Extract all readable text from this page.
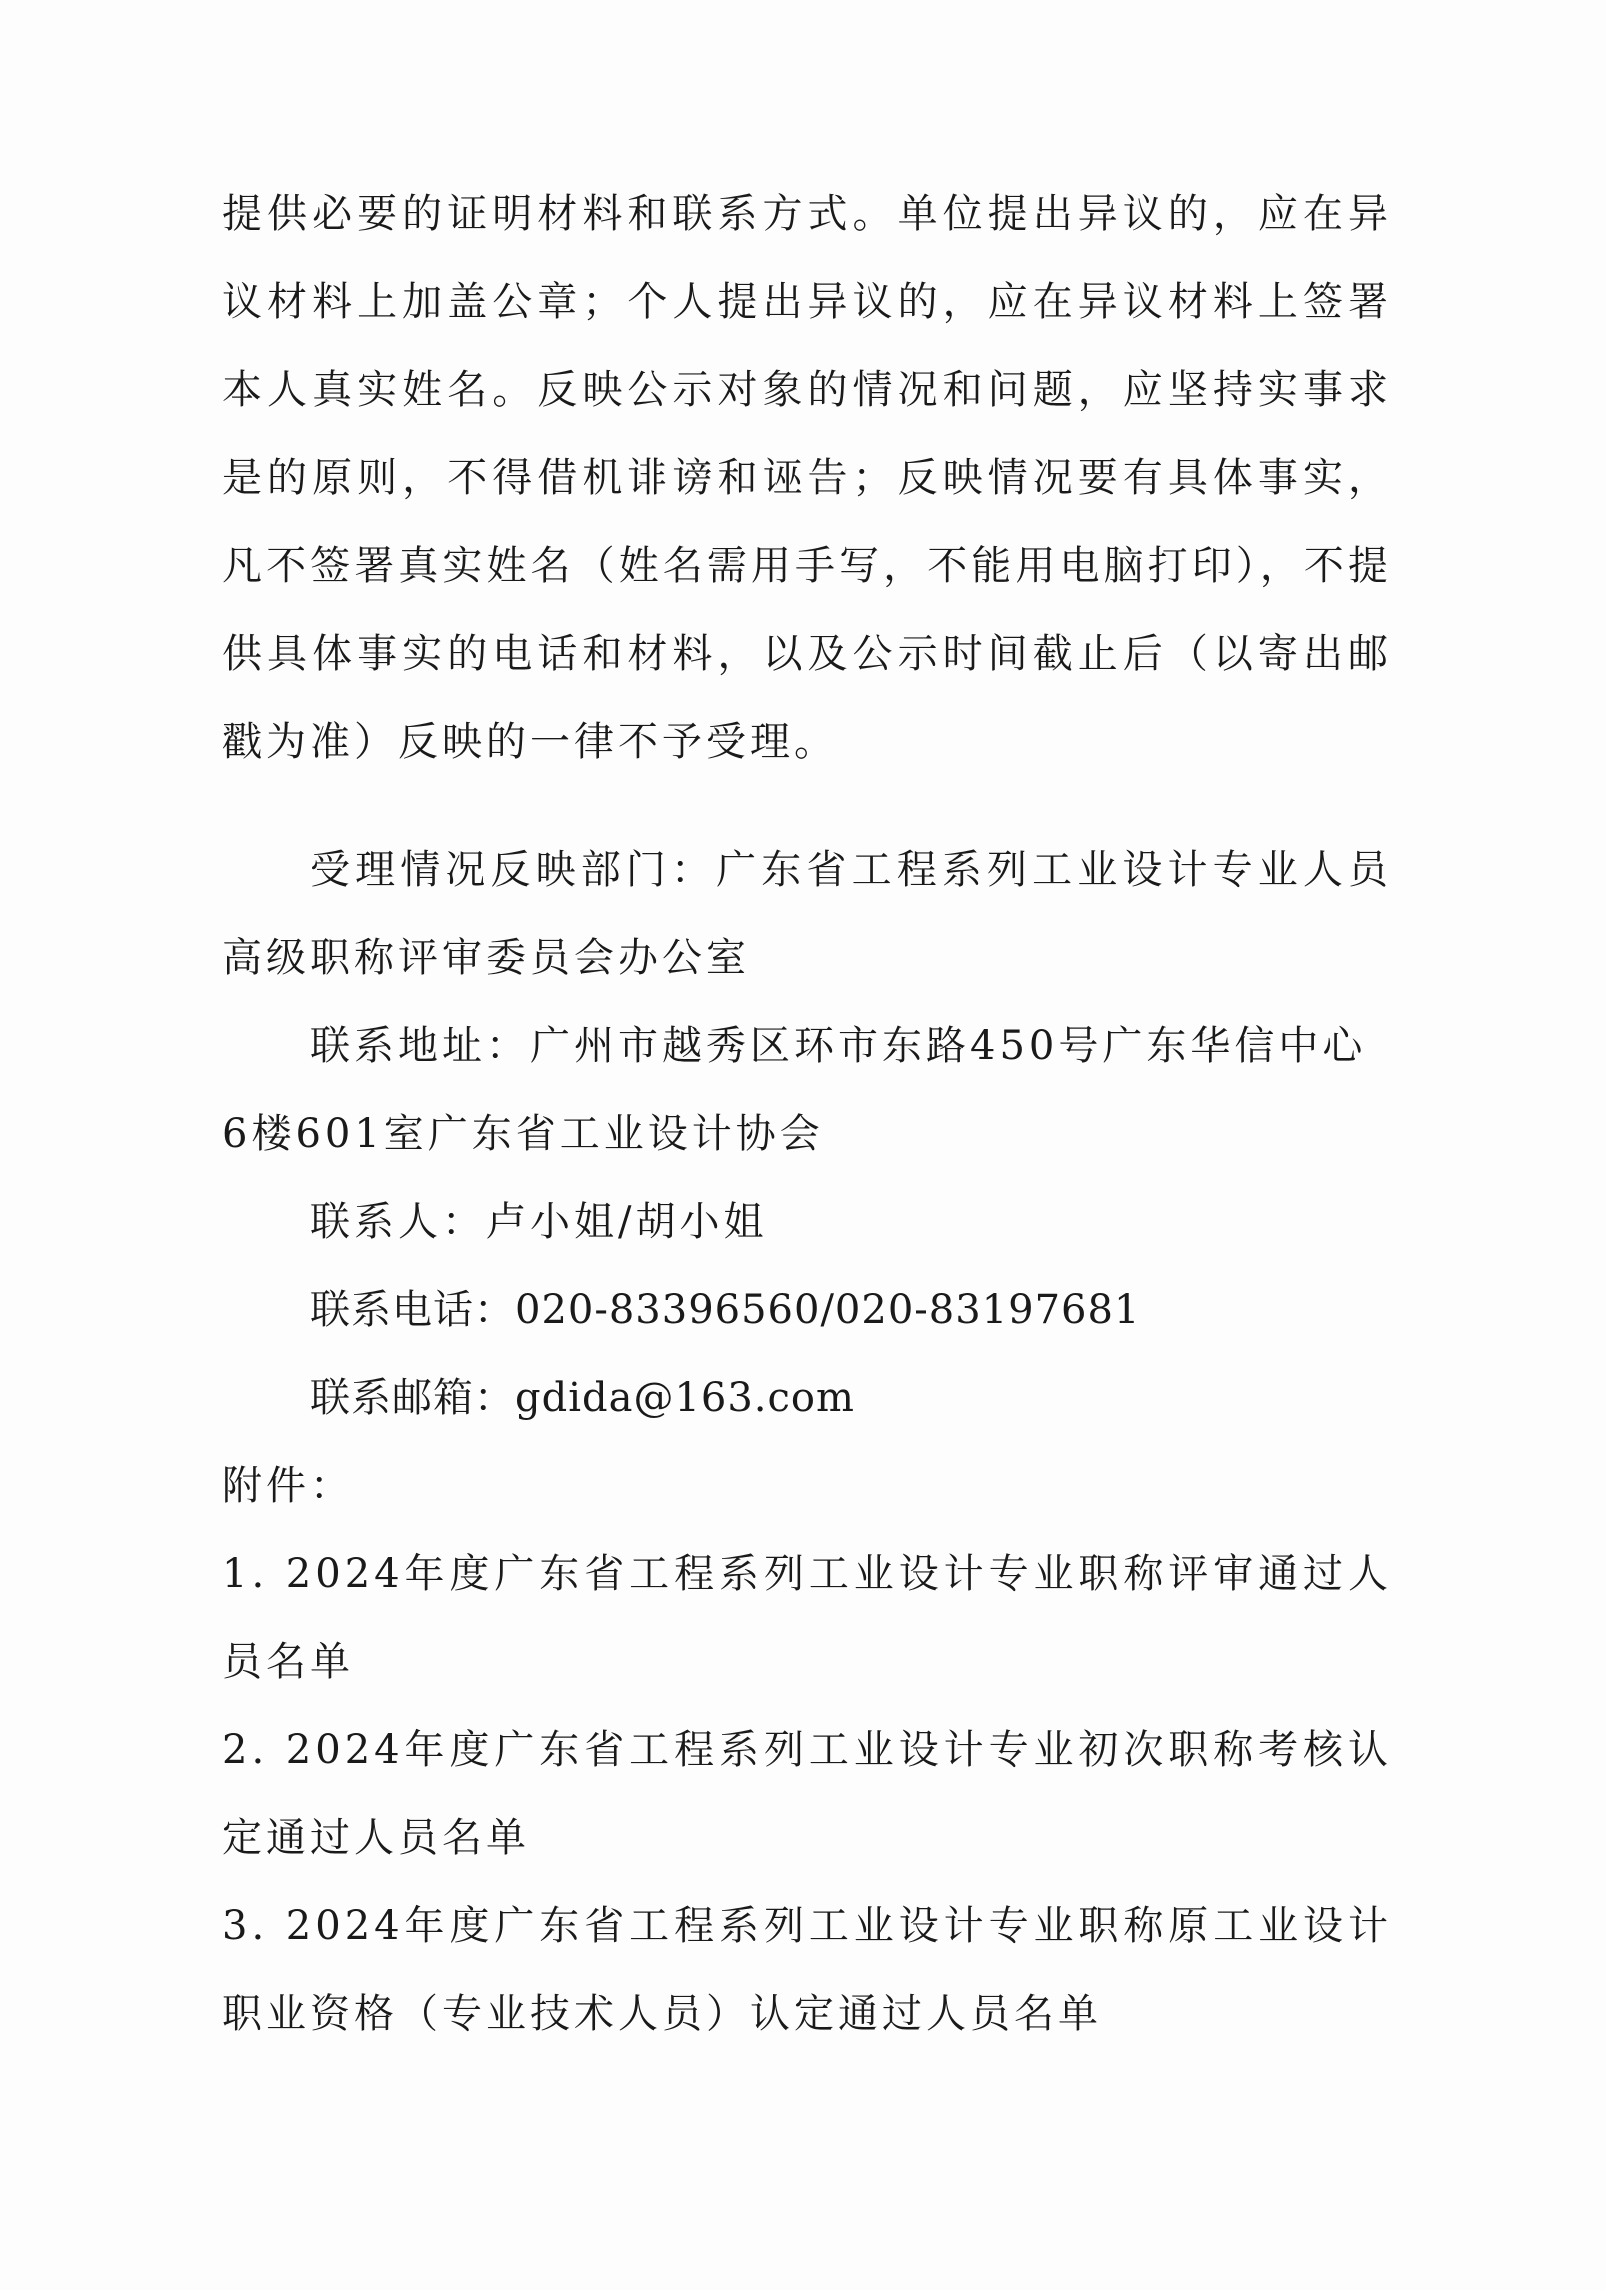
提供必要的证明材料和联系方式。单位提出异议的，应在异议材料上加盖公章；个人提出异议的，应在异议材料上签署本人真实姓名。反映公示对象的情况和问题，应坚持实事求是的原则，不得借机诽谤和诬告；反映情况要有具体事实，凡不签署真实姓名（姓名需用手写，不能用电脑打印），不提供具体事实的电话和材料，以及公示时间截止后（以寄出邮戳为准）反映的一律不予受理。

受理情况反映部门：广东省工程系列工业设计专业人员高级职称评审委员会办公室

联系地址：广州市越秀区环市东路450号广东华信中心6楼601室广东省工业设计协会

联系人：卢小姐/胡小姐

联系电话：020-83396560/020-83197681

联系邮箱：gdida@163.com

附件：

1. 2024年度广东省工程系列工业设计专业职称评审通过人员名单

2. 2024年度广东省工程系列工业设计专业初次职称考核认定通过人员名单

3. 2024年度广东省工程系列工业设计专业职称原工业设计职业资格（专业技术人员）认定通过人员名单
